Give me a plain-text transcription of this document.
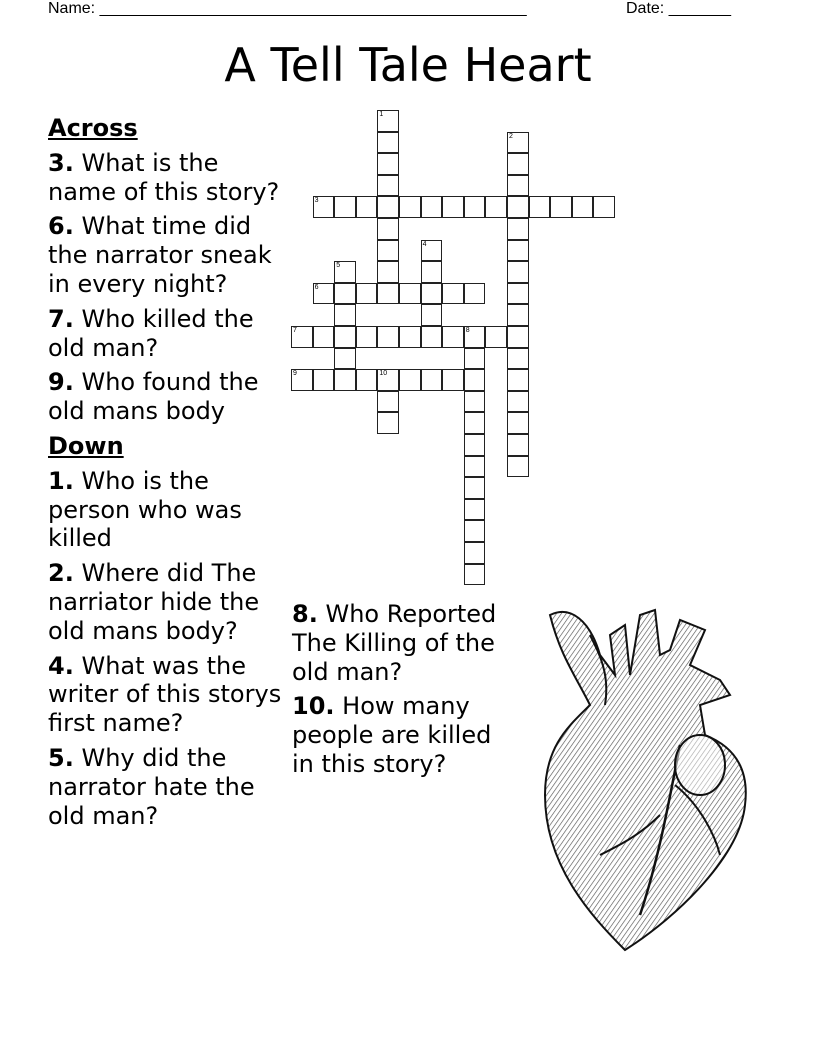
Name: ________________________________________________	Date: _______
A Tell Tale Heart
Across
3. What is the name of this story?
6. What time did the narrator sneak in every night?
7. Who killed the old man?
9. Who found the old mans body
Down
1. Who is the person who was killed
2. Where did The narriator hide the old mans body?
4. What was the writer of this storys first name?
5. Why did the narrator hate the old man?
8. Who Reported The Killing of the old man?
10. How many people are killed in this story?
3
6
7	8
9	10
1
2
4
5
